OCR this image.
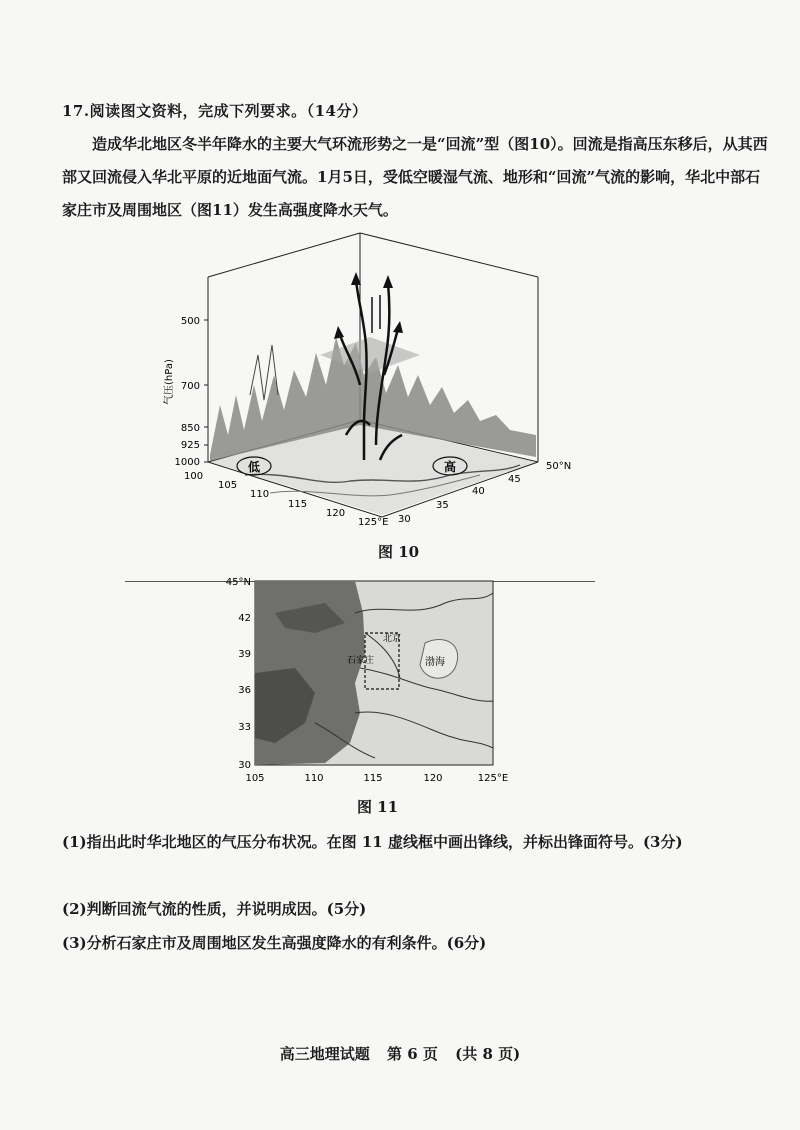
17.阅读图文资料，完成下列要求。（14分）
造成华北地区冬半年降水的主要大气环流形势之一是“回流”型（图10）。回流是指高压东移后，从其西部又回流侵入华北平原的近地面气流。1月5日，受低空暖湿气流、地形和“回流”气流的影响，华北中部石家庄市及周围地区（图11）发生高强度降水天气。
低	高
500
700
850
925
1000
气压(hPa)
100
105
110
115
120
125°E 30
35
40
45
50°N
图 10
北京
石家庄	渤海
45°N
42
39
36
33
30
105	110	115	120	125°E
图 11
(1)指出此时华北地区的气压分布状况。在图 11 虚线框中画出锋线，并标出锋面符号。(3分)
(2)判断回流气流的性质，并说明成因。(5分)
(3)分析石家庄市及周围地区发生高强度降水的有利条件。(6分)
高三地理试题 第 6 页 (共 8 页)
